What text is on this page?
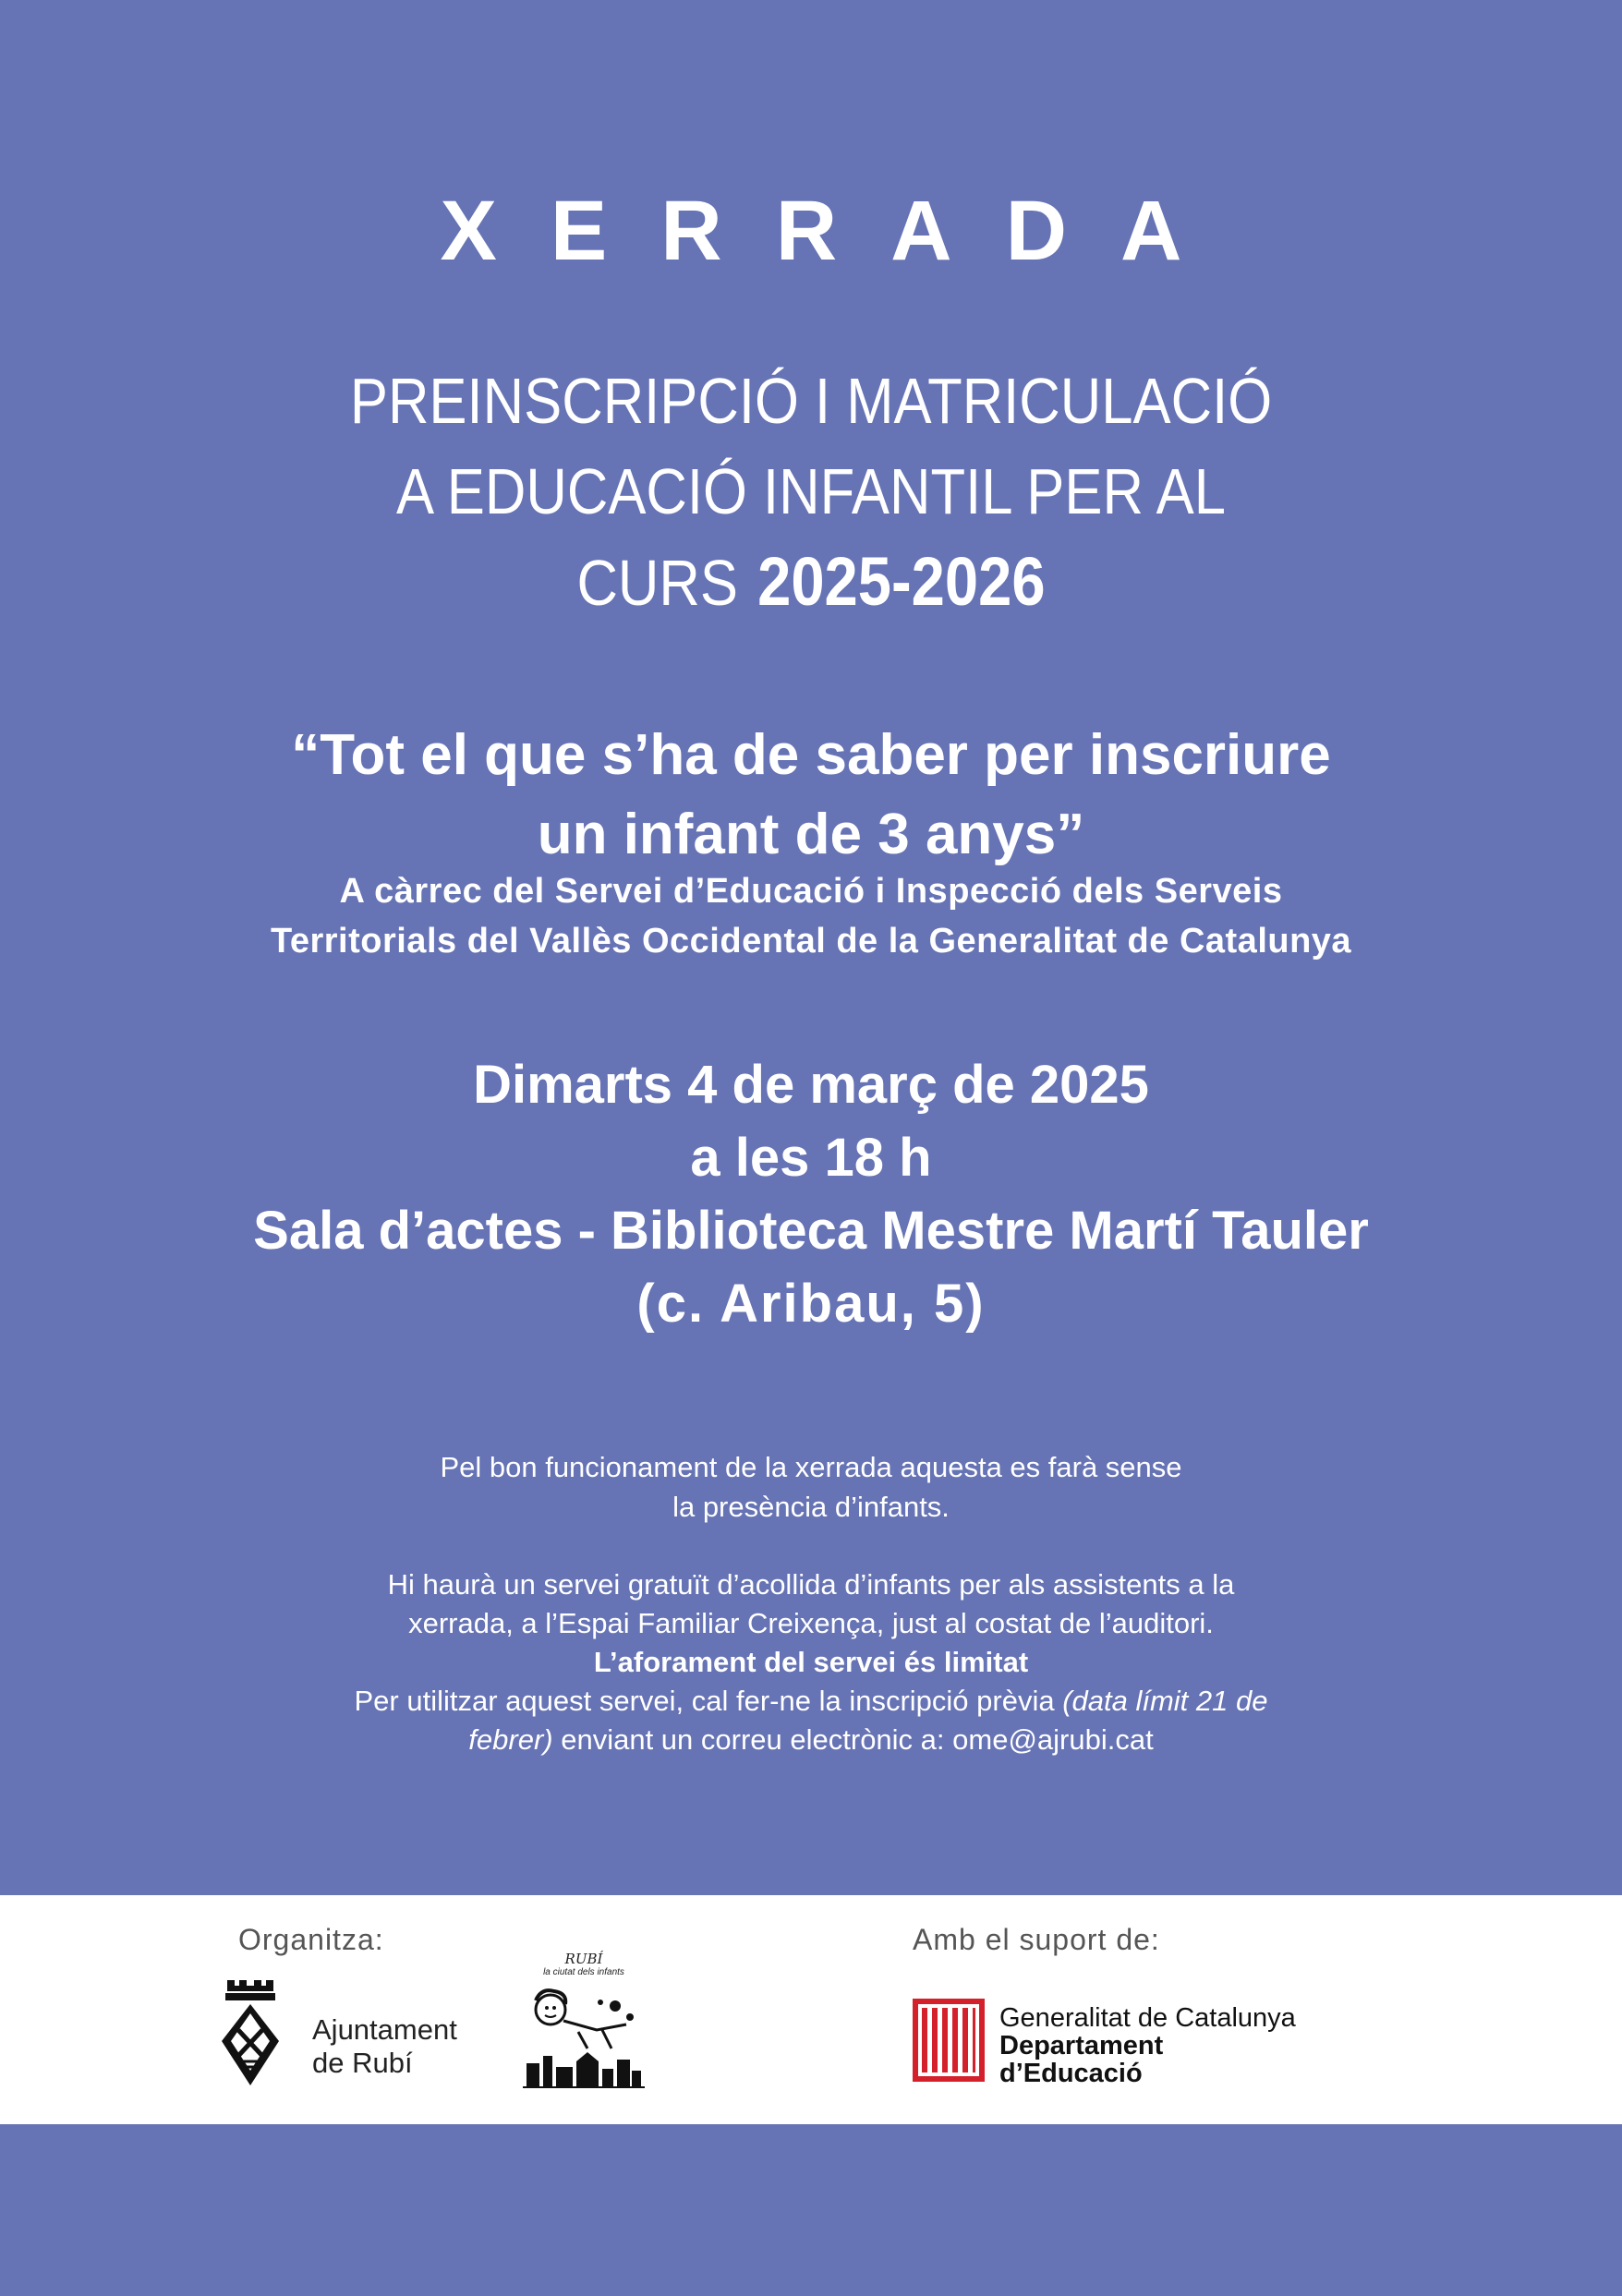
XERRADA
PREINSCRIPCIÓ I MATRICULACIÓ
A EDUCACIÓ INFANTIL PER AL
CURS 2025-2026
“Tot el que s’ha de saber per inscriure
un infant de 3 anys”
A càrrec del Servei d’Educació i Inspecció dels Serveis
Territorials del Vallès Occidental de la Generalitat de Catalunya
Dimarts 4 de març de 2025
a les 18 h
Sala d’actes - Biblioteca Mestre Martí Tauler
(c. Aribau, 5)
Pel bon funcionament de la xerrada aquesta es farà sense
la presència d’infants.
Hi haurà un servei gratuït d’acollida d’infants per als assistents a la
xerrada, a l’Espai Familiar Creixença, just al costat de l’auditori.
L’aforament del servei és limitat
Per utilitzar aquest servei, cal fer-ne la inscripció prèvia (data límit 21 de
febrer) enviant un correu electrònic a: ome@ajrubi.cat
Organitza:	Amb el suport de:
Ajuntament
de Rubí
RUBÍ
la ciutat dels infants
Generalitat de Catalunya
Departament
d’Educació
